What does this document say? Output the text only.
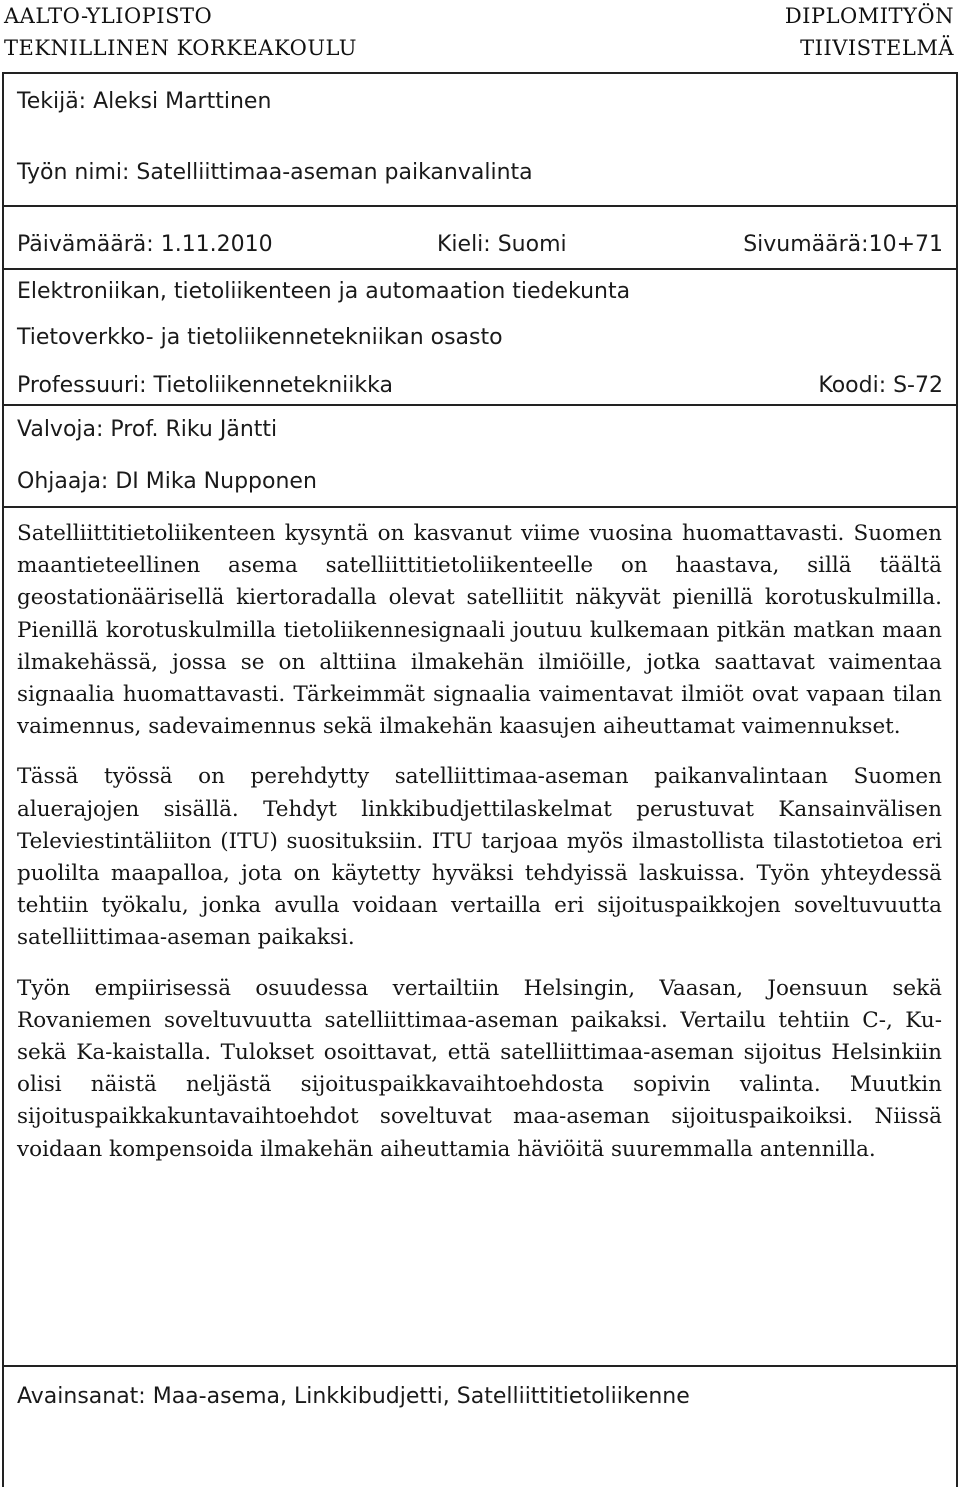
AALTO-YLIOPISTO
TEKNILLINEN KORKEAKOULU
DIPLOMITYÖN
TIIVISTELMÄ
Tekijä: Aleksi Marttinen
Työn nimi: Satelliittimaa-aseman paikanvalinta
Päivämäärä: 1.11.2010	Kieli: Suomi	Sivumäärä:10+71
Elektroniikan, tietoliikenteen ja automaation tiedekunta
Tietoverkko- ja tietoliikennetekniikan osasto
Professuuri: Tietoliikennetekniikka	Koodi: S-72
Valvoja: Prof. Riku Jäntti
Ohjaaja: DI Mika Nupponen

Satelliittitietoliikenteen kysyntä on kasvanut viime vuosina huomattavasti. Suomen maantieteellinen asema satelliittitietoliikenteelle on haastava, sillä täältä geostationäärisellä kiertoradalla olevat satelliitit näkyvät pienillä korotuskulmilla. Pienillä korotuskulmilla tietoliikennesignaali joutuu kulkemaan pitkän matkan maan ilmakehässä, jossa se on alttiina ilmakehän ilmiöille, jotka saattavat vaimentaa signaalia huomattavasti. Tärkeimmät signaalia vaimentavat ilmiöt ovat vapaan tilan vaimennus, sadevaimennus sekä ilmakehän kaasujen aiheuttamat vaimennukset.

Tässä työssä on perehdytty satelliittimaa-aseman paikanvalintaan Suomen aluerajojen sisällä. Tehdyt linkkibudjettilaskelmat perustuvat Kansainvälisen Televiestintäliiton (ITU) suosituksiin. ITU tarjoaa myös ilmastollista tilastotietoa eri puolilta maapalloa, jota on käytetty hyväksi tehdyissä laskuissa. Työn yhteydessä tehtiin työkalu, jonka avulla voidaan vertailla eri sijoituspaikkojen soveltuvuutta satelliittimaa-aseman paikaksi.

Työn empiirisessä osuudessa vertailtiin Helsingin, Vaasan, Joensuun sekä Rovaniemen soveltuvuutta satelliittimaa-aseman paikaksi. Vertailu tehtiin C-, Ku- sekä Ka-kaistalla. Tulokset osoittavat, että satelliittimaa-aseman sijoitus Helsinkiin olisi näistä neljästä sijoituspaikkavaihtoehdosta sopivin valinta. Muutkin sijoituspaikkakuntavaihtoehdot soveltuvat maa-aseman sijoituspaikoiksi. Niissä voidaan kompensoida ilmakehän aiheuttamia häviöitä suuremmalla antennilla.

Avainsanat: Maa-asema, Linkkibudjetti, Satelliittitietoliikenne
